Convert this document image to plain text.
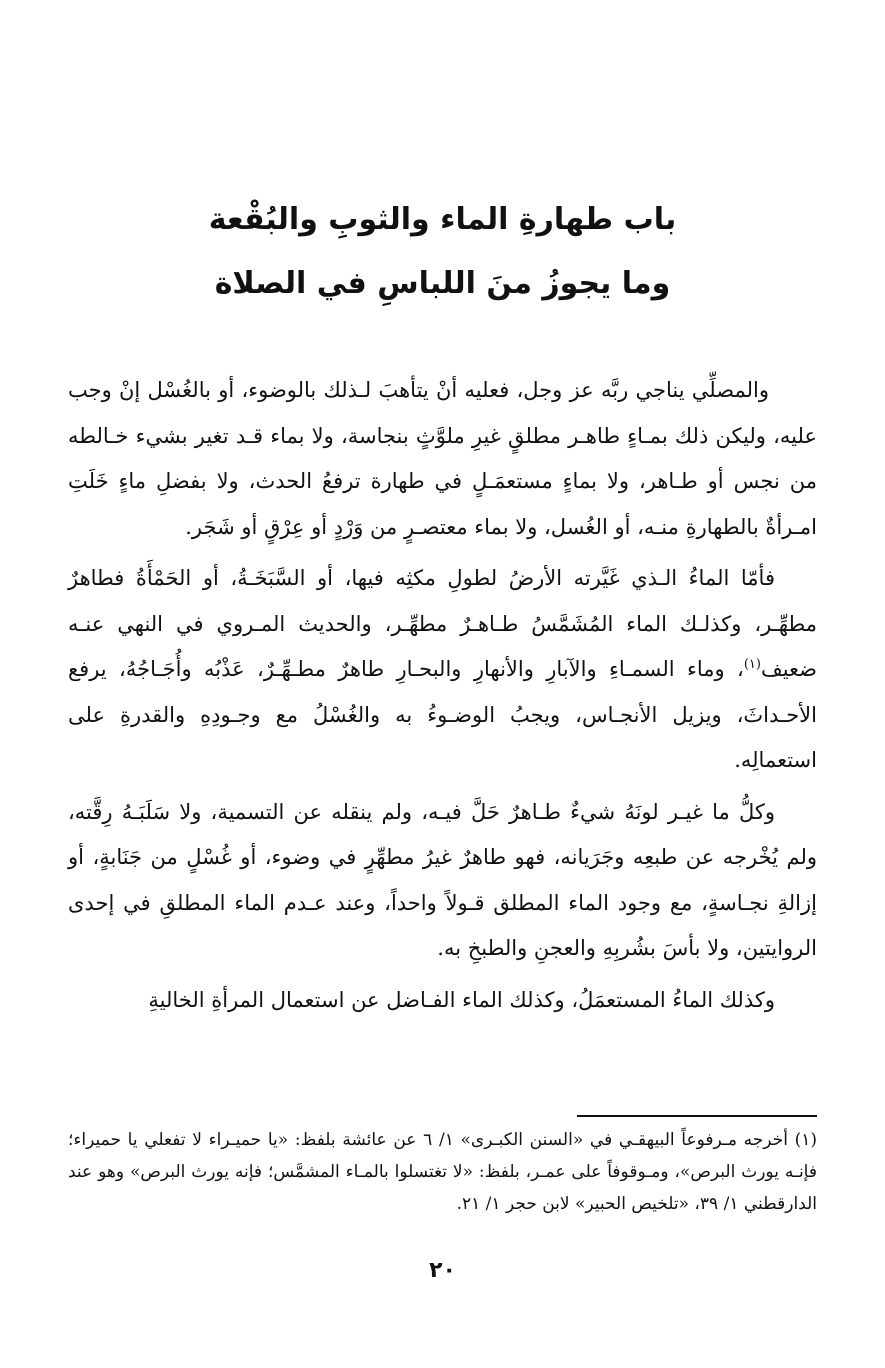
باب طهارةِ الماء والثوبِ والبُقْعة
وما يجوزُ منَ اللباسِ في الصلاة

والمصلِّي يناجي ربَّه عز وجل، فعليه أنْ يتأهبَ لـذلك بالوضوء، أو بالغُسْل إنْ وجب عليه، وليكن ذلك بمـاءٍ طاهـر مطلقٍ غيرِ ملوَّثٍ بنجاسة، ولا بماء قـد تغير بشيء خـالطه من نجس أو طـاهر، ولا بماءٍ مستعمَـلٍ في طهارة ترفعُ الحدث، ولا بفضلِ ماءٍ خَلَتِ امـرأةٌ بالطهارةِ منـه، أو الغُسل، ولا بماء معتصـرٍ من وَرْدٍ أو عِرْقٍ أو شَجَر.

فأمّا الماءُ الـذي غَيَّرته الأرضُ لطولِ مكثِه فيها، أو السَّبَخَـةُ، أو الحَمْأَةُ فطاهرٌ مطهِّـر، وكذلـك الماء المُشَمَّسُ طـاهـرٌ مطهِّـر، والحديث المـروي في النهي عنـه ضعيف$^{(١)}$، وماء السمـاءِ والآبارِ والأنهارِ والبحـارِ طاهرٌ مطـهِّـرٌ، عَذْبُه وأُجَـاجُهُ، يرفع الأحـداثَ، ويزيل الأنجـاس، ويجبُ الوضـوءُ به والغُسْلُ مع وجـودِهِ والقدرةِ على استعمالِه.

وكلُّ ما غيـر لونَهُ شيءٌ طـاهرٌ حَلَّ فيـه، ولم ينقله عن التسمية، ولا سَلَبَـهُ رِقَّته، ولم يُخْرجه عن طبعِه وجَرَيانه، فهو طاهرٌ غيرُ مطهِّرٍ في وضوء، أو غُسْلٍ من جَنَابةٍ، أو إزالةِ نجـاسةٍ، مع وجود الماء المطلق قـولاً واحداً، وعند عـدم الماء المطلقِ في إحدى الروايتين، ولا بأسَ بشُربِهِ والعجنِ والطبخِ به.

وكذلك الماءُ المستعمَلُ، وكذلك الماء الفـاضل عن استعمال المرأةِ الخاليةِ

(١) أخرجه مـرفوعاً البيهقـي في «السنن الكبـرى» ١/ ٦ عن عائشة بلفظ: «يا حميـراء لا تفعلي يا حميراء؛ فإنـه يورث البرص»، ومـوقوفاً على عمـر، بلفظ: «لا تغتسلوا بالمـاء المشمَّس؛ فإنه يورث البرص» وهو عند الدارقطني ١/ ٣٩، «تلخيص الحبير» لابن حجر ١/ ٢١.

٢٠
